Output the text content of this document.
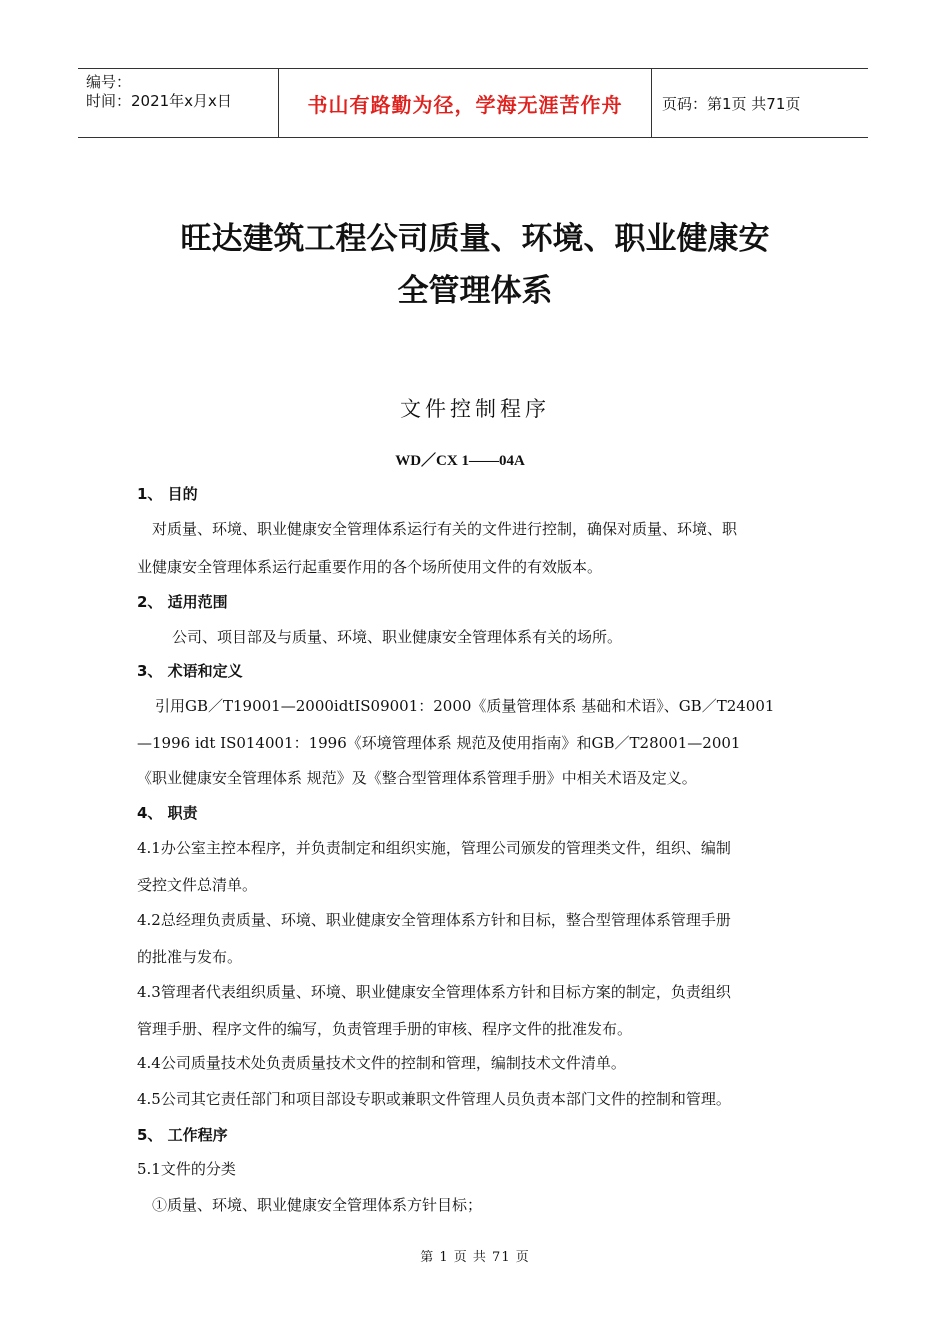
编号：
时间：2021年x月x日	书山有路勤为径，学海无涯苦作舟	页码：第1页 共71页
旺达建筑工程公司质量、环境、职业健康安
全管理体系
文件控制程序
WD／CX 1——04A
1、 目的
对质量、环境、职业健康安全管理体系运行有关的文件进行控制，确保对质量、环境、职
业健康安全管理体系运行起重要作用的各个场所使用文件的有效版本。
2、 适用范围
公司、项目部及与质量、环境、职业健康安全管理体系有关的场所。
3、 术语和定义
引用GB／T19001—2000idtIS09001：2000《质量管理体系 基础和术语》、GB／T24001
—1996 idt IS014001：1996《环境管理体系 规范及使用指南》和GB／T28001—2001
《职业健康安全管理体系 规范》及《整合型管理体系管理手册》中相关术语及定义。
4、 职责
4.1办公室主控本程序，并负责制定和组织实施，管理公司颁发的管理类文件，组织、编制
受控文件总清单。
4.2总经理负责质量、环境、职业健康安全管理体系方针和目标，整合型管理体系管理手册
的批准与发布。
4.3管理者代表组织质量、环境、职业健康安全管理体系方针和目标方案的制定，负责组织
管理手册、程序文件的编写，负责管理手册的审核、程序文件的批准发布。
4.4公司质量技术处负责质量技术文件的控制和管理，编制技术文件清单。
4.5公司其它责任部门和项目部设专职或兼职文件管理人员负责本部门文件的控制和管理。
5、 工作程序
5.1文件的分类
①质量、环境、职业健康安全管理体系方针目标；
第 1 页 共 71 页
